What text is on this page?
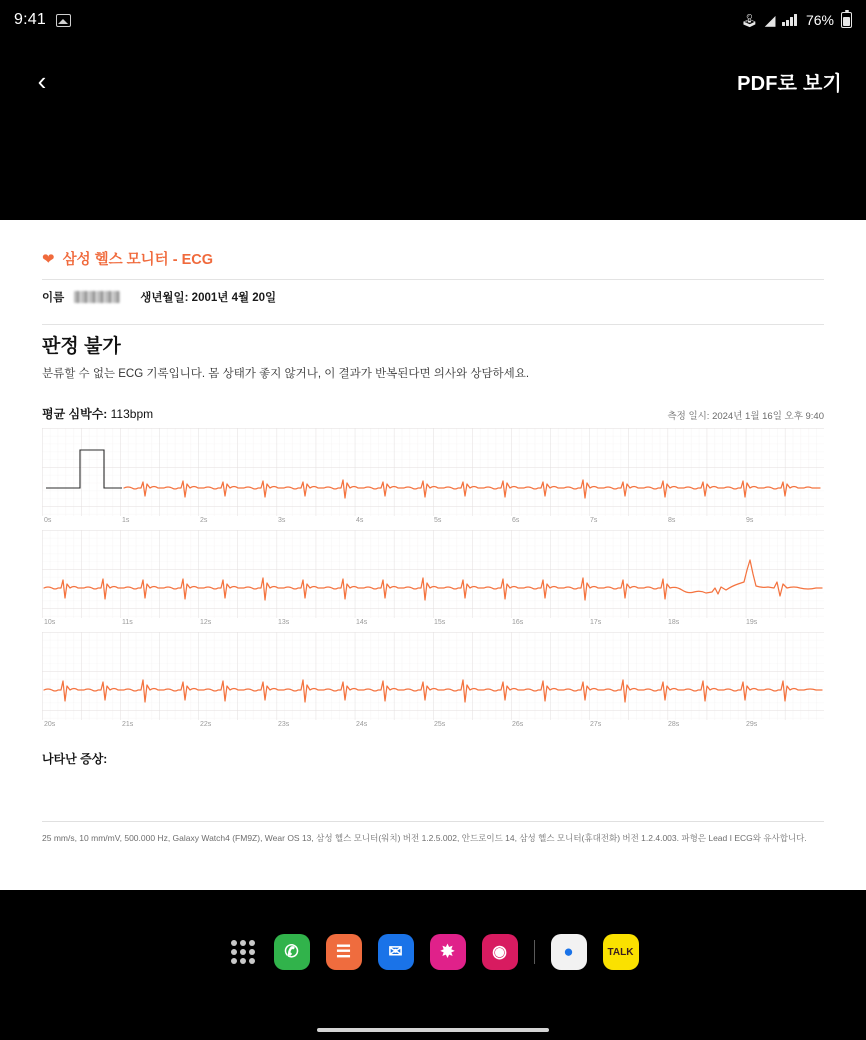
9:41	🕹 ◢ 76%
‹	PDF로 보기
❤ 삼성 헬스 모니터 - ECG
이름	생년월일: 2001년 4월 20일
판정 불가
분류할 수 없는 ECG 기록입니다. 몸 상태가 좋지 않거나, 이 결과가 반복된다면 의사와 상담하세요.
평균 심박수: 113bpm	측정 일시: 2024년 1월 16일 오후 9:40
0s	1s	2s	3s	4s	5s	6s	7s	8s	9s
10s	11s	12s	13s	14s	15s	16s	17s	18s	19s
20s	21s	22s	23s	24s	25s	26s	27s	28s	29s
나타난 증상:
25 mm/s, 10 mm/mV, 500.000 Hz, Galaxy Watch4 (FM9Z), Wear OS 13, 삼성 헬스 모니터(워치) 버전 1.2.5.002, 안드로이드 14, 삼성 헬스 모니터(휴대전화) 버전 1.2.4.003. 파형은 Lead I ECG와 유사합니다.
✆	☰	✉	✸	◉	●	TALK
